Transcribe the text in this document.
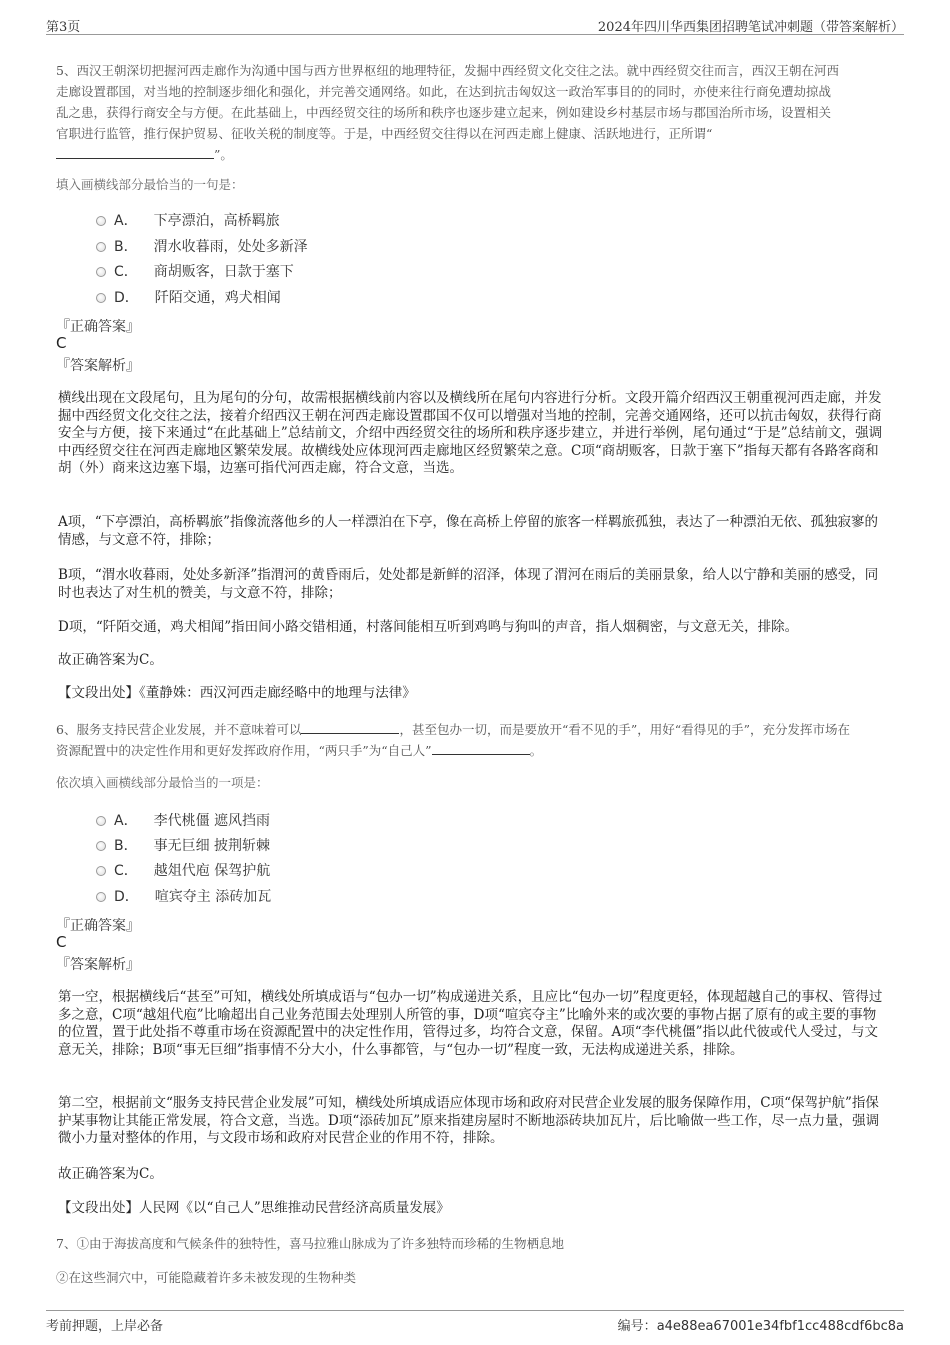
第3页	2024年四川华西集团招聘笔试冲刺题（带答案解析）
5、西汉王朝深切把握河西走廊作为沟通中国与西方世界枢纽的地理特征，发掘中西经贸文化交往之法。就中西经贸交往而言，西汉王朝在河西
走廊设置郡国，对当地的控制逐步细化和强化，并完善交通网络。如此，在达到抗击匈奴这一政治军事目的的同时，亦使来往行商免遭劫掠战
乱之患，获得行商安全与方便。在此基础上，中西经贸交往的场所和秩序也逐步建立起来，例如建设乡村基层市场与郡国治所市场，设置相关
官职进行监管，推行保护贸易、征收关税的制度等。于是，中西经贸交往得以在河西走廊上健康、活跃地进行，正所谓“
”。
填入画横线部分最恰当的一句是：
A． 下亭漂泊，高桥羁旅
B． 渭水收暮雨，处处多新泽
C． 商胡贩客，日款于塞下
D． 阡陌交通，鸡犬相闻
『正确答案』
C
『答案解析』
横线出现在文段尾句，且为尾句的分句，故需根据横线前内容以及横线所在尾句内容进行分析。文段开篇介绍西汉王朝重视河西走廊，并发掘中西经贸文化交往之法，接着介绍西汉王朝在河西走廊设置郡国不仅可以增强对当地的控制，完善交通网络，还可以抗击匈奴，获得行商安全与方便，接下来通过“在此基础上”总结前文，介绍中西经贸交往的场所和秩序逐步建立，并进行举例，尾句通过“于是”总结前文，强调中西经贸交往在河西走廊地区繁荣发展。故横线处应体现河西走廊地区经贸繁荣之意。C项“商胡贩客，日款于塞下”指每天都有各路客商和胡（外）商来这边塞下塌，边塞可指代河西走廊，符合文意，当选。
A项，“下亭漂泊，高桥羁旅”指像流落他乡的人一样漂泊在下亭，像在高桥上停留的旅客一样羁旅孤独，表达了一种漂泊无依、孤独寂寥的情感，与文意不符，排除；
B项，“渭水收暮雨，处处多新泽”指渭河的黄昏雨后，处处都是新鲜的沼泽，体现了渭河在雨后的美丽景象，给人以宁静和美丽的感受，同时也表达了对生机的赞美，与文意不符，排除；
D项，“阡陌交通，鸡犬相闻”指田间小路交错相通，村落间能相互听到鸡鸣与狗叫的声音，指人烟稠密，与文意无关，排除。
故正确答案为C。
【文段出处】《董静姝：西汉河西走廊经略中的地理与法律》
6、服务支持民营企业发展，并不意味着可以	，甚至包办一切，而是要放开“看不见的手”，用好“看得见的手”，充分发挥市场在
资源配置中的决定性作用和更好发挥政府作用，“两只手”为“自己人”	。
依次填入画横线部分最恰当的一项是：
A． 李代桃僵 遮风挡雨
B． 事无巨细 披荆斩棘
C． 越俎代庖 保驾护航
D． 喧宾夺主 添砖加瓦
『正确答案』
C
『答案解析』
第一空，根据横线后“甚至”可知，横线处所填成语与“包办一切”构成递进关系，且应比“包办一切”程度更轻，体现超越自己的事权、管得过多之意，C项“越俎代庖”比喻超出自己业务范围去处理别人所管的事，D项“喧宾夺主”比喻外来的或次要的事物占据了原有的或主要的事物的位置，置于此处指不尊重市场在资源配置中的决定性作用，管得过多，均符合文意，保留。A项“李代桃僵”指以此代彼或代人受过，与文意无关，排除；B项“事无巨细”指事情不分大小，什么事都管，与“包办一切”程度一致，无法构成递进关系，排除。
第二空，根据前文“服务支持民营企业发展”可知，横线处所填成语应体现市场和政府对民营企业发展的服务保障作用，C项“保驾护航”指保护某事物让其能正常发展，符合文意，当选。D项“添砖加瓦”原来指建房屋时不断地添砖块加瓦片，后比喻做一些工作，尽一点力量，强调微小力量对整体的作用，与文段市场和政府对民营企业的作用不符，排除。
故正确答案为C。
【文段出处】人民网《以“自己人”思维推动民营经济高质量发展》
7、①由于海拔高度和气候条件的独特性，喜马拉雅山脉成为了许多独特而珍稀的生物栖息地
②在这些洞穴中，可能隐藏着许多未被发现的生物种类
考前押题，上岸必备	编号：a4e88ea67001e34fbf1cc488cdf6bc8a
